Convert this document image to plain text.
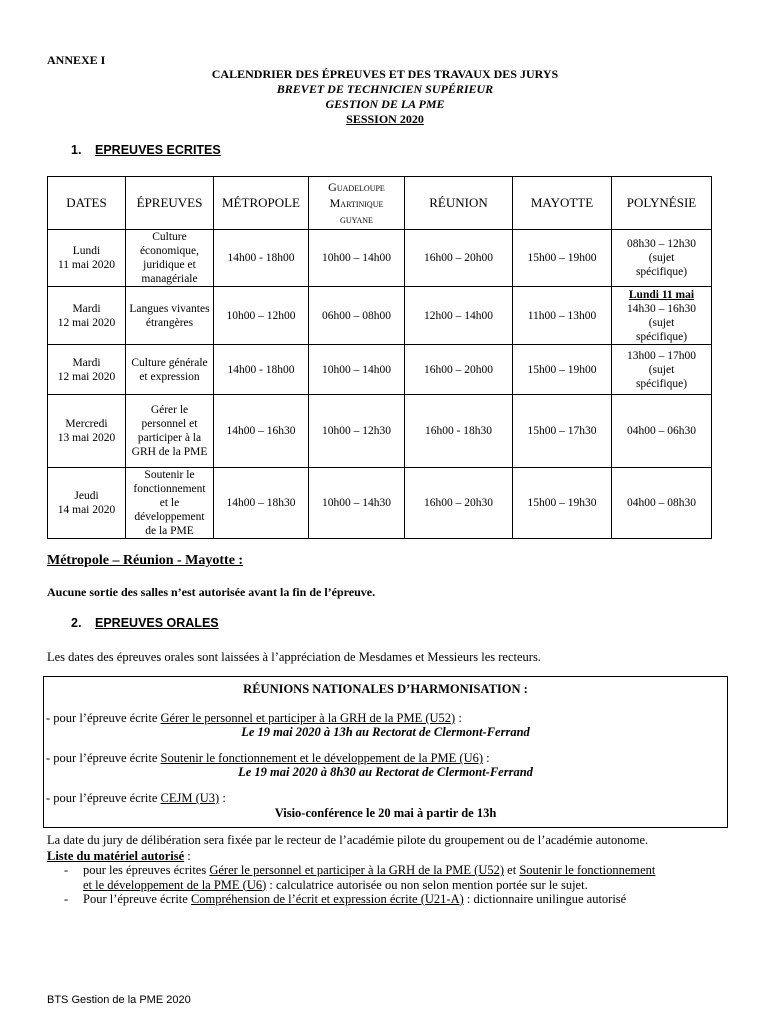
ANNEXE I
CALENDRIER DES ÉPREUVES ET DES TRAVAUX DES JURYS
BREVET DE TECHNICIEN SUPÉRIEUR
GESTION DE LA PME
SESSION 2020
1. EPREUVES ECRITES
DATES	ÉPREUVES	MÉTROPOLE	Guadeloupe
Martinique
guyane	RÉUNION	MAYOTTE	POLYNÉSIE

Lundi
11 mai 2020	Culture économique, juridique et managériale	14h00 - 18h00	10h00 – 14h00	16h00 – 20h00	15h00 – 19h00	08h30 – 12h30
(sujet
spécifique)

Mardi
12 mai 2020	Langues vivantes étrangères	10h00 – 12h00	06h00 – 08h00	12h00 – 14h00	11h00 – 13h00	Lundi 11 mai
14h30 – 16h30
(sujet
spécifique)

Mardi
12 mai 2020	Culture générale et expression	14h00 - 18h00	10h00 – 14h00	16h00 – 20h00	15h00 – 19h00	13h00 – 17h00
(sujet
spécifique)

Mercredi
13 mai 2020	Gérer le personnel et participer à la GRH de la PME	14h00 – 16h30	10h00 – 12h30	16h00 - 18h30	15h00 – 17h30	04h00 – 06h30

Jeudi
14 mai 2020	Soutenir le fonctionnement et le développement de la PME	14h00 – 18h30	10h00 – 14h30	16h00 – 20h30	15h00 – 19h30	04h00 – 08h30
Métropole – Réunion - Mayotte :
Aucune sortie des salles n’est autorisée avant la fin de l’épreuve.
2. EPREUVES ORALES
Les dates des épreuves orales sont laissées à l’appréciation de Mesdames et Messieurs les recteurs.
RÉUNIONS NATIONALES D’HARMONISATION :
- pour l’épreuve écrite Gérer le personnel et participer à la GRH de la PME (U52) :
Le 19 mai 2020 à 13h au Rectorat de Clermont-Ferrand
- pour l’épreuve écrite Soutenir le fonctionnement et le développement de la PME (U6) :
Le 19 mai 2020 à 8h30 au Rectorat de Clermont-Ferrand
- pour l’épreuve écrite CEJM (U3) :
Visio-conférence le 20 mai à partir de 13h
La date du jury de délibération sera fixée par le recteur de l’académie pilote du groupement ou de l’académie autonome.
Liste du matériel autorisé :
- pour les épreuves écrites Gérer le personnel et participer à la GRH de la PME (U52) et Soutenir le fonctionnement
et le développement de la PME (U6) : calculatrice autorisée ou non selon mention portée sur le sujet.
- Pour l’épreuve écrite Compréhension de l’écrit et expression écrite (U21-A) : dictionnaire unilingue autorisé
BTS Gestion de la PME 2020
